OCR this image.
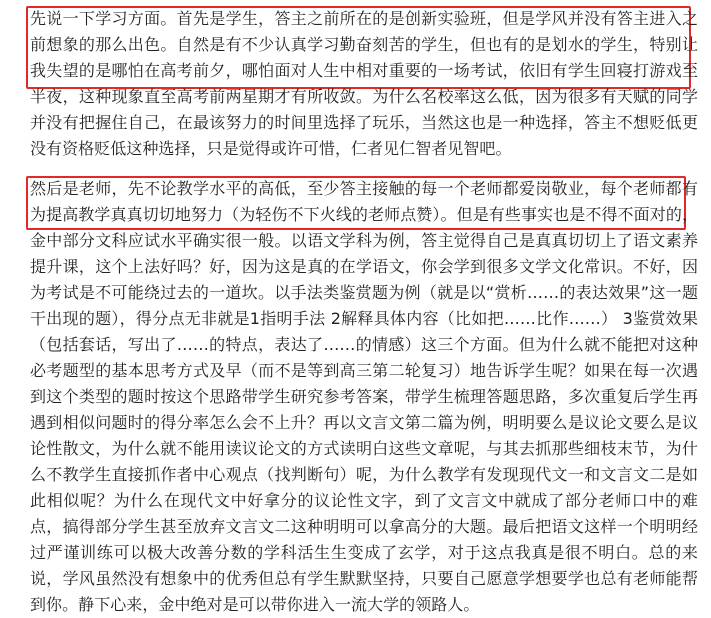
先说一下学习方面。首先是学生，答主之前所在的是创新实验班，但是学风并没有答主进入之前想象的那么出色。自然是有不少认真学习勤奋刻苦的学生，但也有的是划水的学生，特别让我失望的是哪怕在高考前夕，哪怕面对人生中相对重要的一场考试，依旧有学生回寝打游戏至半夜，这种现象直至高考前两星期才有所收敛。为什么名校率这么低，因为很多有天赋的同学并没有把握住自己，在最该努力的时间里选择了玩乐，当然这也是一种选择，答主不想贬低更没有资格贬低这种选择，只是觉得或许可惜，仁者见仁智者见智吧。

然后是老师，先不论教学水平的高低，至少答主接触的每一个老师都爱岗敬业，每个老师都有为提高教学真真切切地努力（为轻伤不下火线的老师点赞）。但是有些事实也是不得不面对的，金中部分文科应试水平确实很一般。以语文学科为例，答主觉得自己是真真切切上了语文素养提升课，这个上法好吗？好，因为这是真的在学语文，你会学到很多文学文化常识。不好，因为考试是不可能绕过去的一道坎。以手法类鉴赏题为例（就是以“赏析……的表达效果”这一题干出现的题），得分点无非就是1指明手法 2解释具体内容（比如把……比作……） 3鉴赏效果（包括套话，写出了……的特点，表达了……的情感）这三个方面。但为什么就不能把对这种必考题型的基本思考方式及早（而不是等到高三第二轮复习）地告诉学生呢？如果在每一次遇到这个类型的题时按这个思路带学生研究参考答案，带学生梳理答题思路，多次重复后学生再遇到相似问题时的得分率怎么会不上升？再以文言文第二篇为例，明明要么是议论文要么是议论性散文，为什么就不能用读议论文的方式读明白这些文章呢，与其去抓那些细枝末节，为什么不教学生直接抓作者中心观点（找判断句）呢，为什么教学有发现现代文一和文言文二是如此相似呢？为什么在现代文中好拿分的议论性文字，到了文言文中就成了部分老师口中的难点，搞得部分学生甚至放弃文言文二这种明明可以拿高分的大题。最后把语文这样一个明明经过严谨训练可以极大改善分数的学科活生生变成了玄学，对于这点我真是很不明白。总的来说，学风虽然没有想象中的优秀但总有学生默默坚持，只要自己愿意学想要学也总有老师能帮到你。静下心来，金中绝对是可以带你进入一流大学的领路人。
